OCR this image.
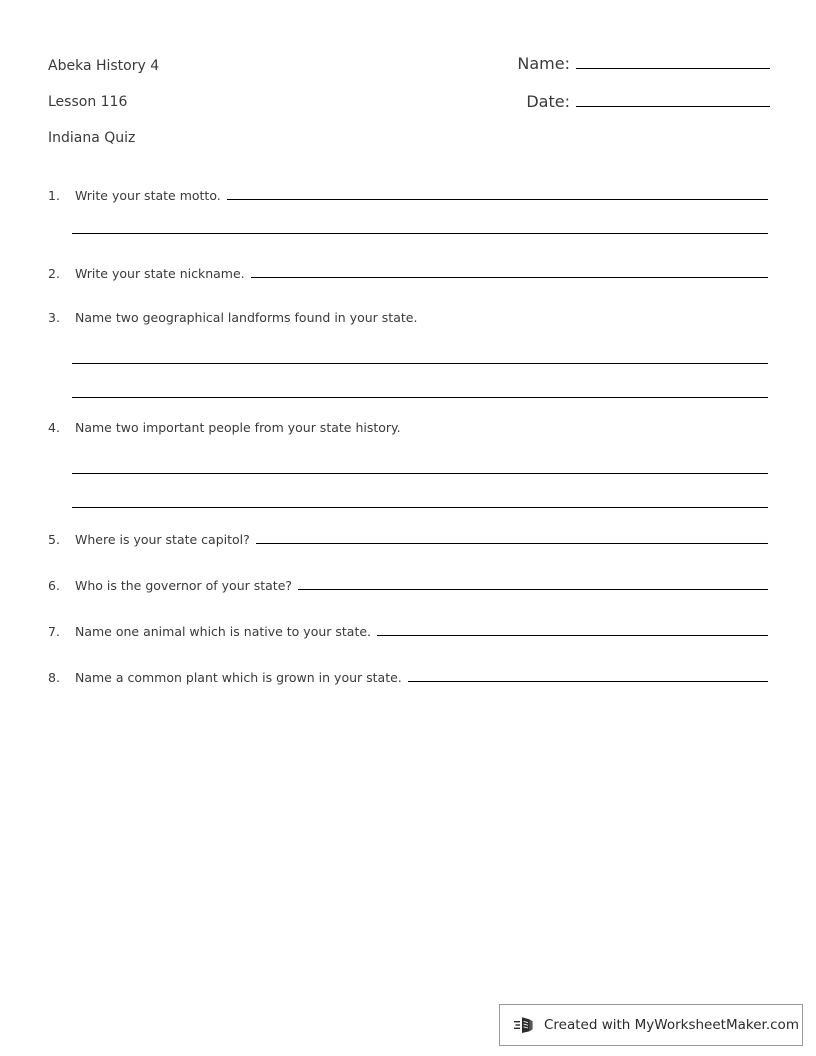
Abeka History 4
Lesson 116
Indiana Quiz
Name:
Date:
1.	Write your state motto.
2.	Write your state nickname.
3.	Name two geographical landforms found in your state.
4.	Name two important people from your state history.
5.	Where is your state capitol?
6.	Who is the governor of your state?
7.	Name one animal which is native to your state.
8.	Name a common plant which is grown in your state.
Created with MyWorksheetMaker.com
